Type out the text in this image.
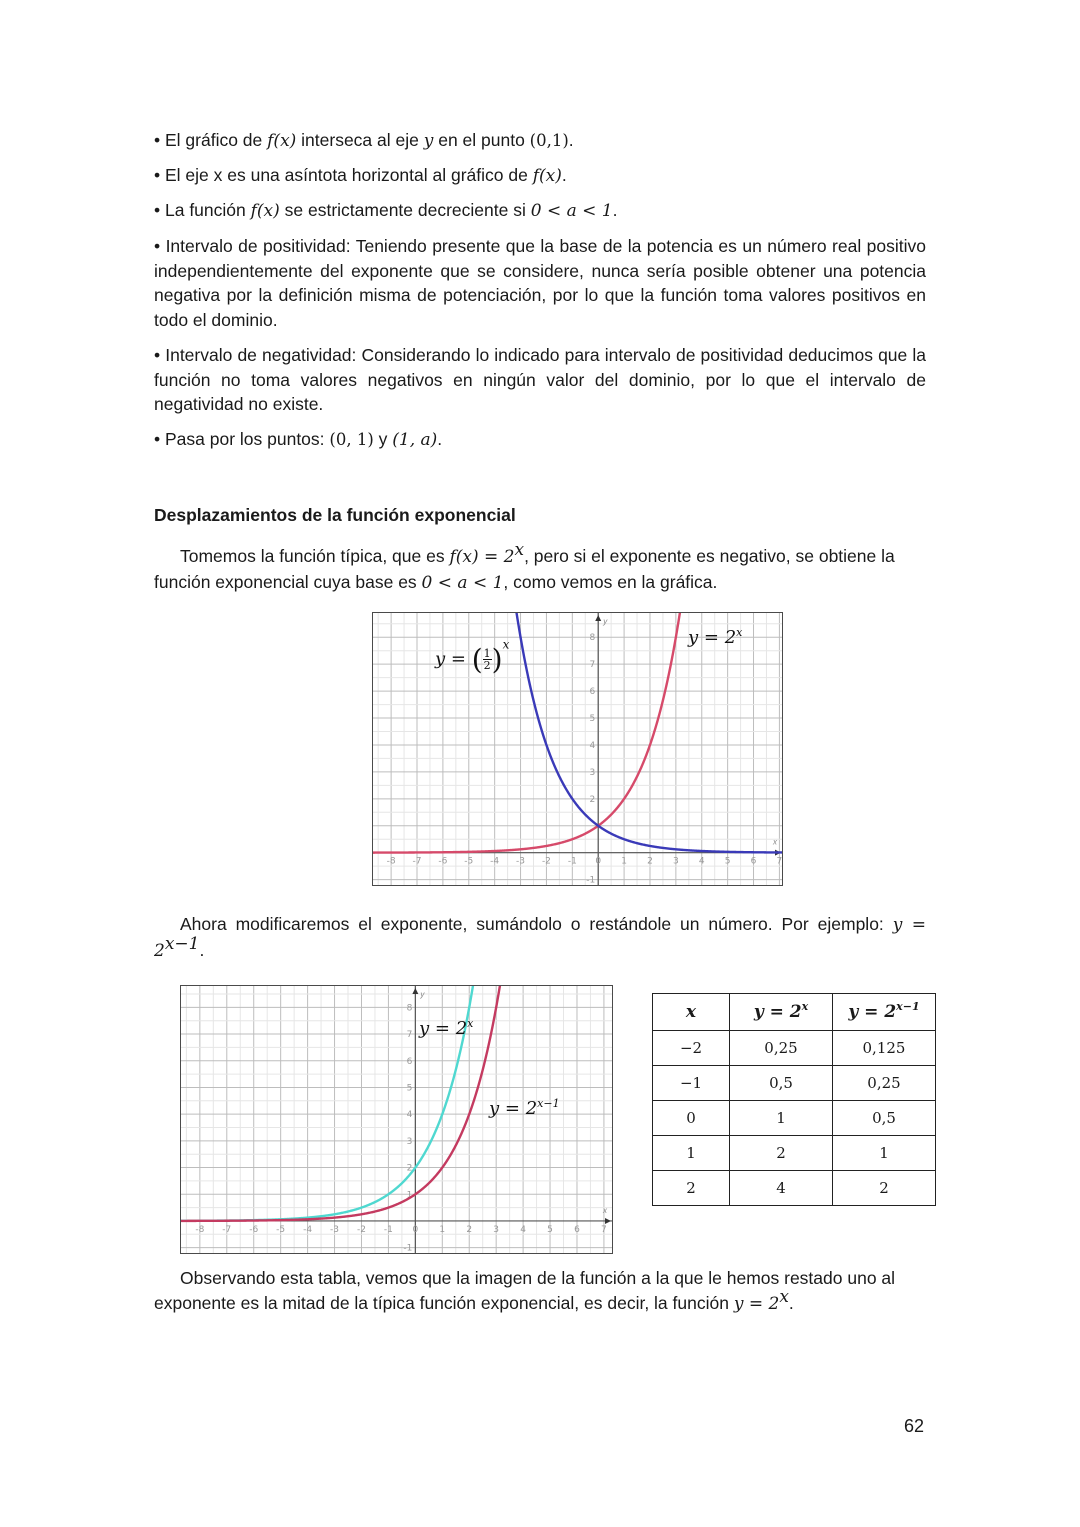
• El gráfico de f(x) interseca al eje y en el punto (0,1).
• El eje x es una asíntota horizontal al gráfico de f(x).
• La función f(x) se estrictamente decreciente si 0 < a < 1.
• Intervalo de positividad: Teniendo presente que la base de la potencia es un número real positivo independientemente del exponente que se considere, nunca sería posible obtener una potencia negativa por la definición misma de potenciación, por lo que la función toma valores positivos en todo el dominio.
• Intervalo de negatividad: Considerando lo indicado para intervalo de positividad deducimos que la función no toma valores negativos en ningún valor del dominio, por lo que el intervalo de negatividad no existe.
• Pasa por los puntos: (0, 1) y (1, a).
Desplazamientos de la función exponencial
Tomemos la función típica, que es $f(x) = 2^x$, pero si el exponente es negativo, se obtiene la función exponencial cuya base es 0 < a < 1, como vemos en la gráfica.
Ahora modificaremos el exponente, sumándolo o restándole un número. Por ejemplo: $y = 2^{x-1}$.
Observando esta tabla, vemos que la imagen de la función a la que le hemos restado uno al exponente es la mitad de la típica función exponencial, es decir, la función $y = 2^x$.
y
x
-8 -7 -6 -5 -4 -3 -2 -1 0 1 2 3 4 5 6 7
-1
2
3
4
5
6
7
8
y = ( $\frac{1}{2} )^x$	$y = 2^x$
y
x
-8 -7 -6 -5 -4 -3 -2 -1 0 1 2 3 4 5 6 7
-1
1
2
3
4
5
6
7
8
$y = 2^x$
$y = 2^{x-1}$
x	$y = 2^x$	$y = 2^{x-1}$
−2	0,25	0,125
−1	0,5	0,25
0	1	0,5
1	2	1
2	4	2
62
